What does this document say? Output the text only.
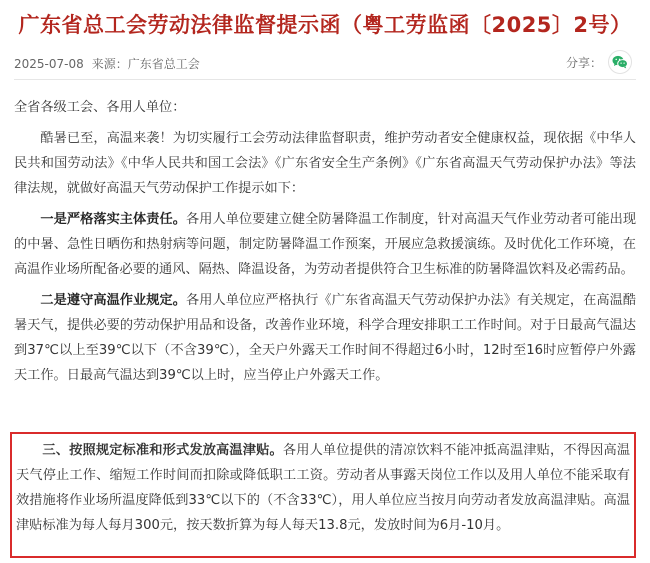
广东省总工会劳动法律监督提示函（粤工劳监函〔2025〕2号）
2025-07-08 来源：广东省总工会	分享：

全省各级工会、各用人单位：

酷暑已至，高温来袭！为切实履行工会劳动法律监督职责，维护劳动者安全健康权益，现依据《中华人民共和国劳动法》《中华人民共和国工会法》《广东省安全生产条例》《广东省高温天气劳动保护办法》等法律法规，就做好高温天气劳动保护工作提示如下：

一是严格落实主体责任。各用人单位要建立健全防暑降温工作制度，针对高温天气作业劳动者可能出现的中暑、急性日晒伤和热射病等问题，制定防暑降温工作预案，开展应急救援演练。及时优化工作环境，在高温作业场所配备必要的通风、隔热、降温设备，为劳动者提供符合卫生标准的防暑降温饮料及必需药品。

二是遵守高温作业规定。各用人单位应严格执行《广东省高温天气劳动保护办法》有关规定，在高温酷暑天气，提供必要的劳动保护用品和设备，改善作业环境，科学合理安排职工工作时间。对于日最高气温达到37℃以上至39℃以下（不含39℃），全天户外露天工作时间不得超过6小时，12时至16时应暂停户外露天工作。日最高气温达到39℃以上时，应当停止户外露天工作。

三、按照规定标准和形式发放高温津贴。各用人单位提供的清凉饮料不能冲抵高温津贴，不得因高温天气停止工作、缩短工作时间而扣除或降低职工工资。劳动者从事露天岗位工作以及用人单位不能采取有效措施将作业场所温度降低到33℃以下的（不含33℃），用人单位应当按月向劳动者发放高温津贴。高温津贴标准为每人每月300元，按天数折算为每人每天13.8元，发放时间为6月-10月。
